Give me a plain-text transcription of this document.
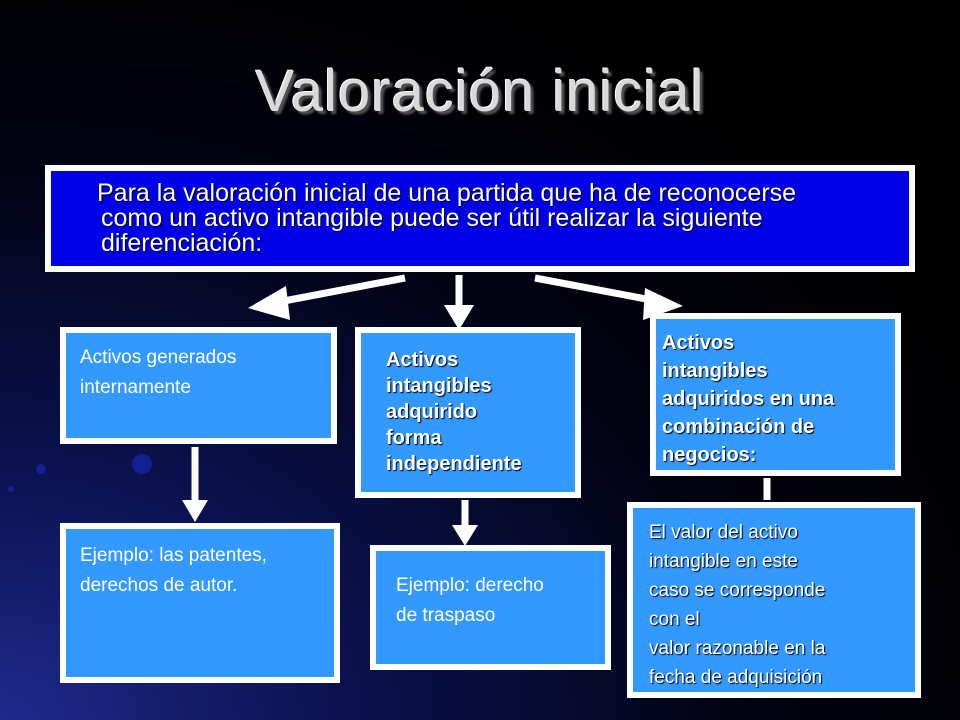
Valoración inicial
Para la valoración inicial de una partida que ha de reconocerse
como un activo intangible puede ser útil realizar la siguiente
diferenciación:
Activos generados
internamente
Activos
intangibles
adquirido
forma
independiente
Activos
intangibles
adquiridos en una
combinación de
negocios:
Ejemplo: las patentes,
derechos de autor.	Ejemplo: derecho
de traspaso
El valor del activo
intangible en este
caso se corresponde
con el
valor razonable en la
fecha de adquisición
